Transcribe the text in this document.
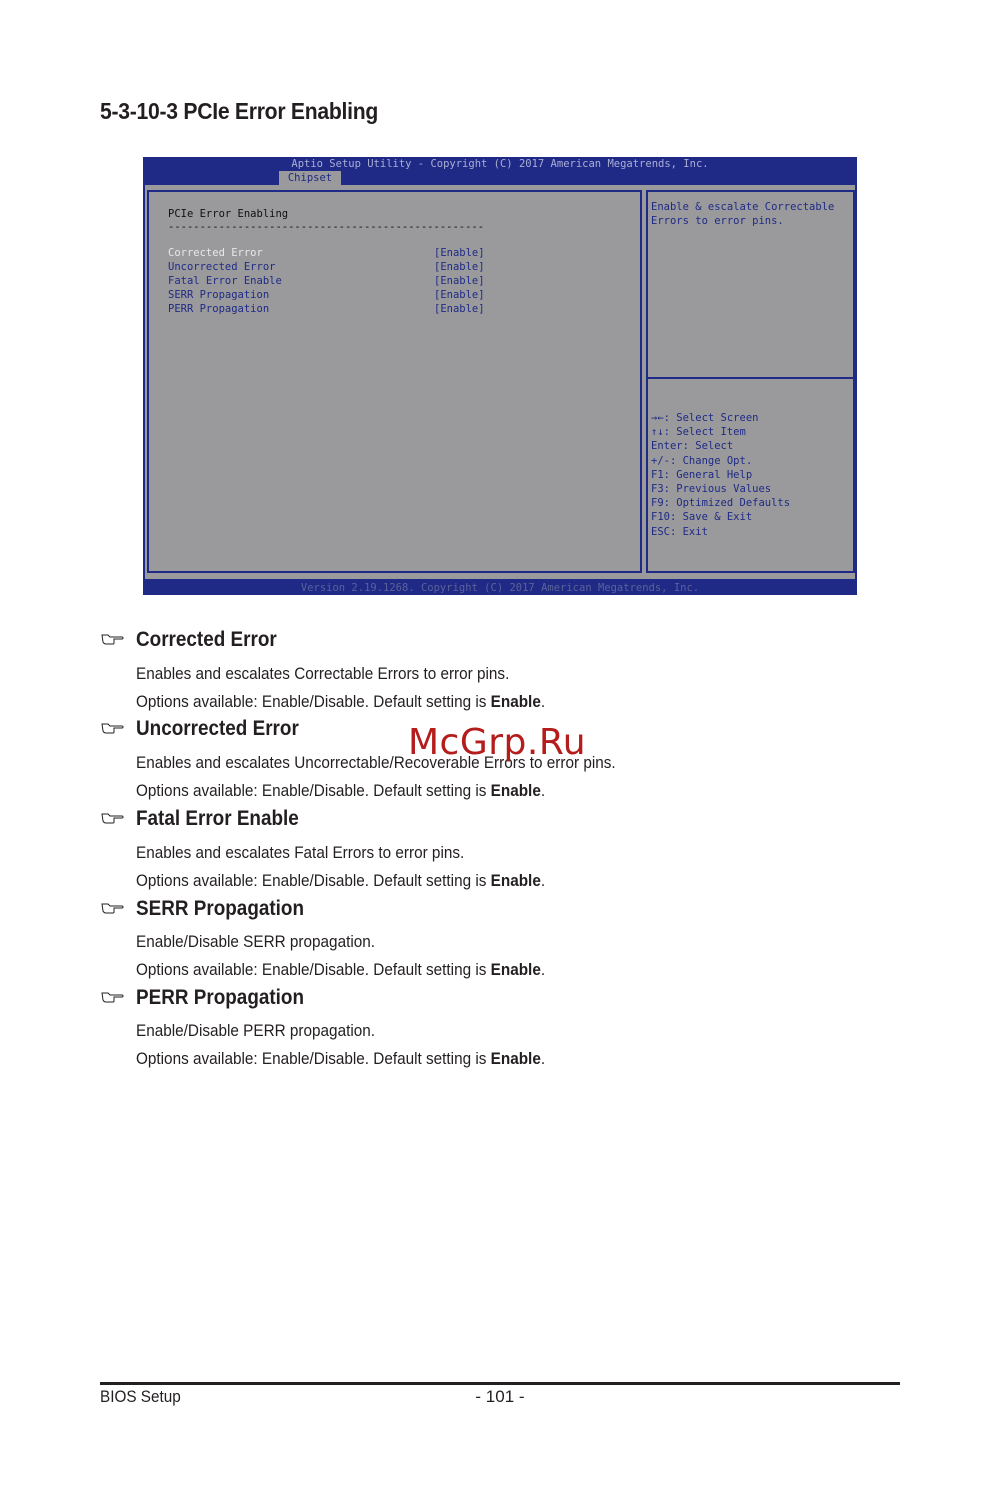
5-3-10-3 PCIe Error Enabling
Aptio Setup Utility - Copyright (C) 2017 American Megatrends, Inc.
Chipset
PCIe Error Enabling
--------------------------------------------------
Corrected Error	[Enable]
Uncorrected Error	[Enable]
Fatal Error Enable	[Enable]
SERR Propagation	[Enable]
PERR Propagation	[Enable]
Enable & escalate Correctable Errors to error pins.
→←: Select Screen
↑↓: Select Item
Enter: Select
+/-: Change Opt.
F1: General Help
F3: Previous Values
F9: Optimized Defaults
F10: Save & Exit
ESC: Exit
Version 2.19.1268. Copyright (C) 2017 American Megatrends, Inc.
Corrected Error
Enables and escalates Correctable Errors to error pins.
Options available: Enable/Disable. Default setting is Enable.
Uncorrected Error
Enables and escalates Uncorrectable/Recoverable Errors to error pins.
Options available: Enable/Disable. Default setting is Enable.
Fatal Error Enable
Enables and escalates Fatal Errors to error pins.
Options available: Enable/Disable. Default setting is Enable.
SERR Propagation
Enable/Disable SERR propagation.
Options available: Enable/Disable. Default setting is Enable.
PERR Propagation
Enable/Disable PERR propagation.
Options available: Enable/Disable. Default setting is Enable.
McGrp.Ru
BIOS Setup	- 101 -
